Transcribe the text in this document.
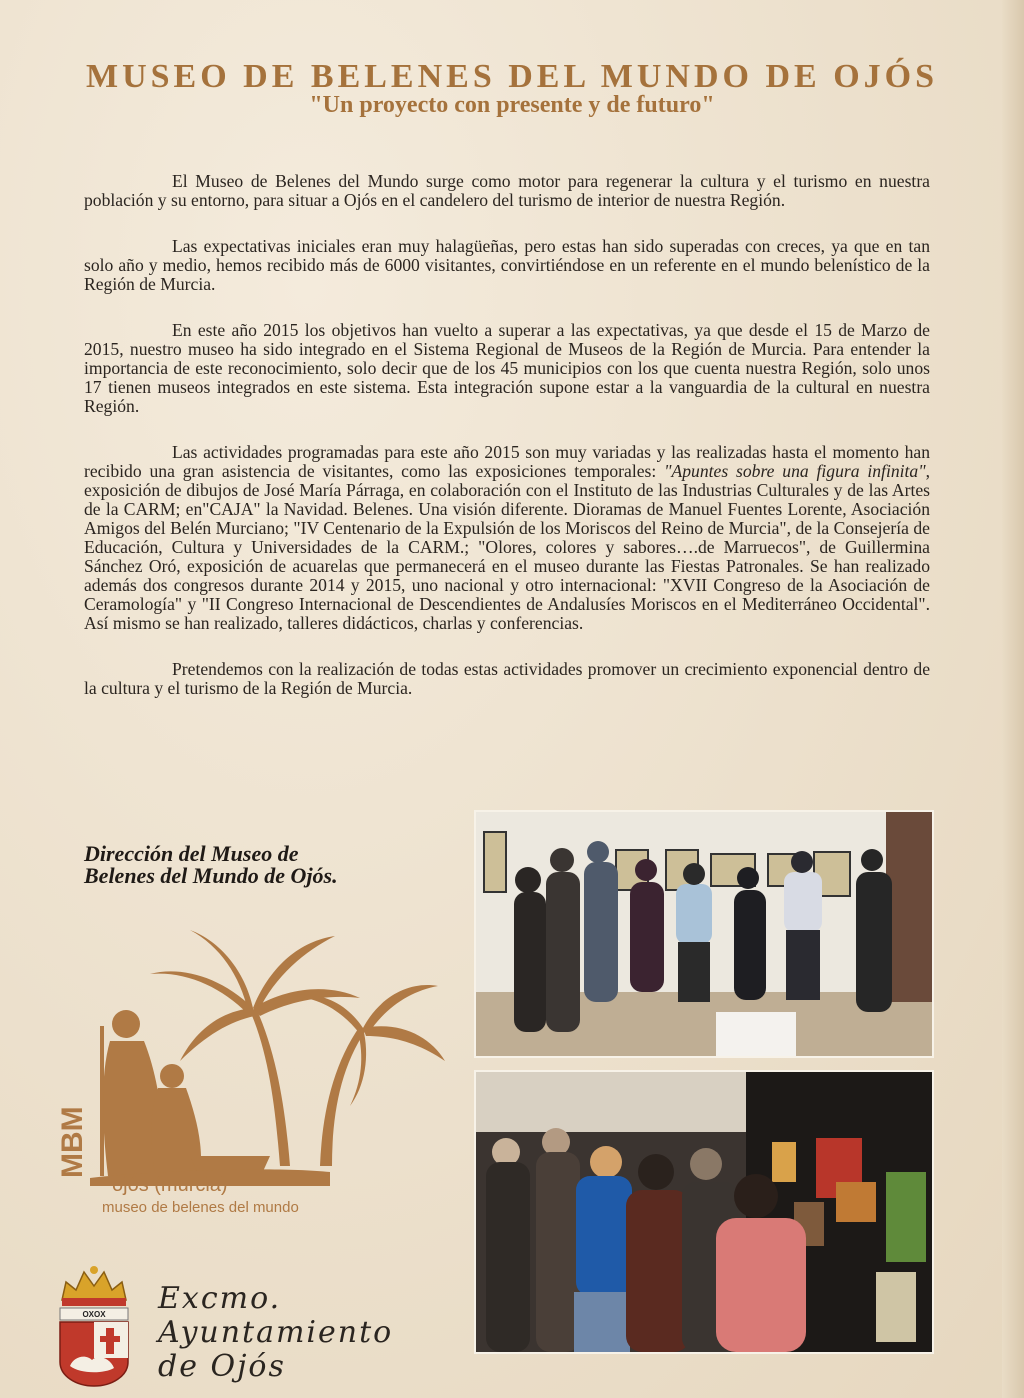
MUSEO DE BELENES DEL MUNDO DE OJÓS
"Un proyecto con presente y de futuro"

El Museo de Belenes del Mundo surge como motor para regenerar la cultura y el turismo en nuestra población y su entorno, para situar a Ojós en el candelero del turismo de interior de nuestra Región.

Las expectativas iniciales eran muy halagüeñas, pero estas han sido superadas con creces, ya que en tan solo año y medio, hemos recibido más de 6000 visitantes, convirtiéndose en un referente en el mundo belenístico de la Región de Murcia.

En este año 2015 los objetivos han vuelto a superar a las expectativas, ya que desde el 15 de Marzo de 2015, nuestro museo ha sido integrado en el Sistema Regional de Museos de la Región de Murcia. Para entender la importancia de este reconocimiento, solo decir que de los 45 municipios con los que cuenta nuestra Región, solo unos 17 tienen museos integrados en este sistema. Esta integración supone estar a la vanguardia de la cultural en nuestra Región.

Las actividades programadas para este año 2015 son muy variadas y las realizadas hasta el momento han recibido una gran asistencia de visitantes, como las exposiciones temporales: "Apuntes sobre una figura infinita", exposición de dibujos de José María Párraga, en colaboración con el Instituto de las Industrias Culturales y de las Artes de la CARM; en"CAJA" la Navidad. Belenes. Una visión diferente. Dioramas de Manuel Fuentes Lorente, Asociación Amigos del Belén Murciano; "IV Centenario de la Expulsión de los Moriscos del Reino de Murcia", de la Consejería de Educación, Cultura y Universidades de la CARM.; "Olores, colores y sabores….de Marruecos", de Guillermina Sánchez Oró, exposición de acuarelas que permanecerá en el museo durante las Fiestas Patronales. Se han realizado además dos congresos durante 2014 y 2015, uno nacional y otro internacional: "XVII Congreso de la Asociación de Ceramología" y "II Congreso Internacional de Descendientes de Andalusíes Moriscos en el Mediterráneo Occidental". Así mismo se han realizado, talleres didácticos, charlas y conferencias.

Pretendemos con la realización de todas estas actividades promover un crecimiento exponencial dentro de la cultura y el turismo de la Región de Murcia.

Dirección del Museo de
Belenes del Mundo de Ojós.
MBM
ojós (murcia)
museo de belenes del mundo
OXOX Excmo.
Ayuntamiento
de Ojós
